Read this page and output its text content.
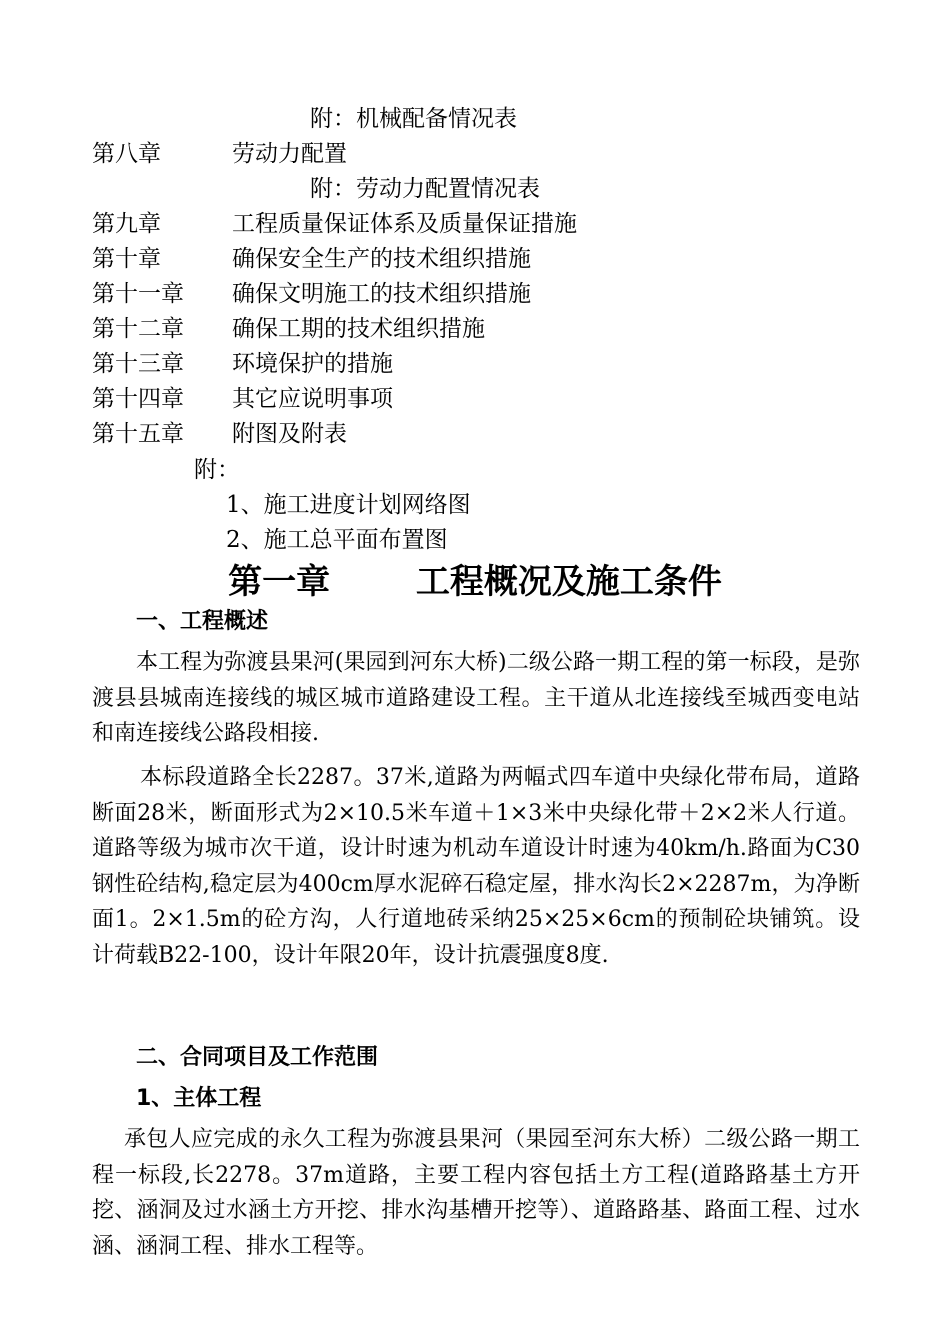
附：机械配备情况表
第八章	劳动力配置
附：劳动力配置情况表
第九章	工程质量保证体系及质量保证措施
第十章	确保安全生产的技术组织措施
第十一章 确保文明施工的技术组织措施
第十二章 确保工期的技术组织措施
第十三章 环境保护的措施
第十四章 其它应说明事项
第十五章 附图及附表
附：
1、施工进度计划网络图
2、施工总平面布置图
第一章　 工程概况及施工条件
一、工程概述
本工程为弥渡县果河(果园到河东大桥)二级公路一期工程的第一标段，是弥渡县县城南连接线的城区城市道路建设工程。主干道从北连接线至城西变电站和南连接线公路段相接.
本标段道路全长2287。37米,道路为两幅式四车道中央绿化带布局，道路断面28米，断面形式为2×10.5米车道＋1×3米中央绿化带＋2×2米人行道。道路等级为城市次干道，设计时速为机动车道设计时速为40km/h.路面为C30钢性砼结构,稳定层为400cm厚水泥碎石稳定屋，排水沟长2×2287m，为净断面1。2×1.5m的砼方沟，人行道地砖采纳25×25×6cm的预制砼块铺筑。设计荷载B22-100，设计年限20年，设计抗震强度8度.
二、合同项目及工作范围
1、主体工程
承包人应完成的永久工程为弥渡县果河（果园至河东大桥）二级公路一期工程一标段,长2278。37m道路，主要工程内容包括土方工程(道路路基土方开挖、涵洞及过水涵土方开挖、排水沟基槽开挖等）、道路路基、路面工程、过水涵、涵洞工程、排水工程等。
